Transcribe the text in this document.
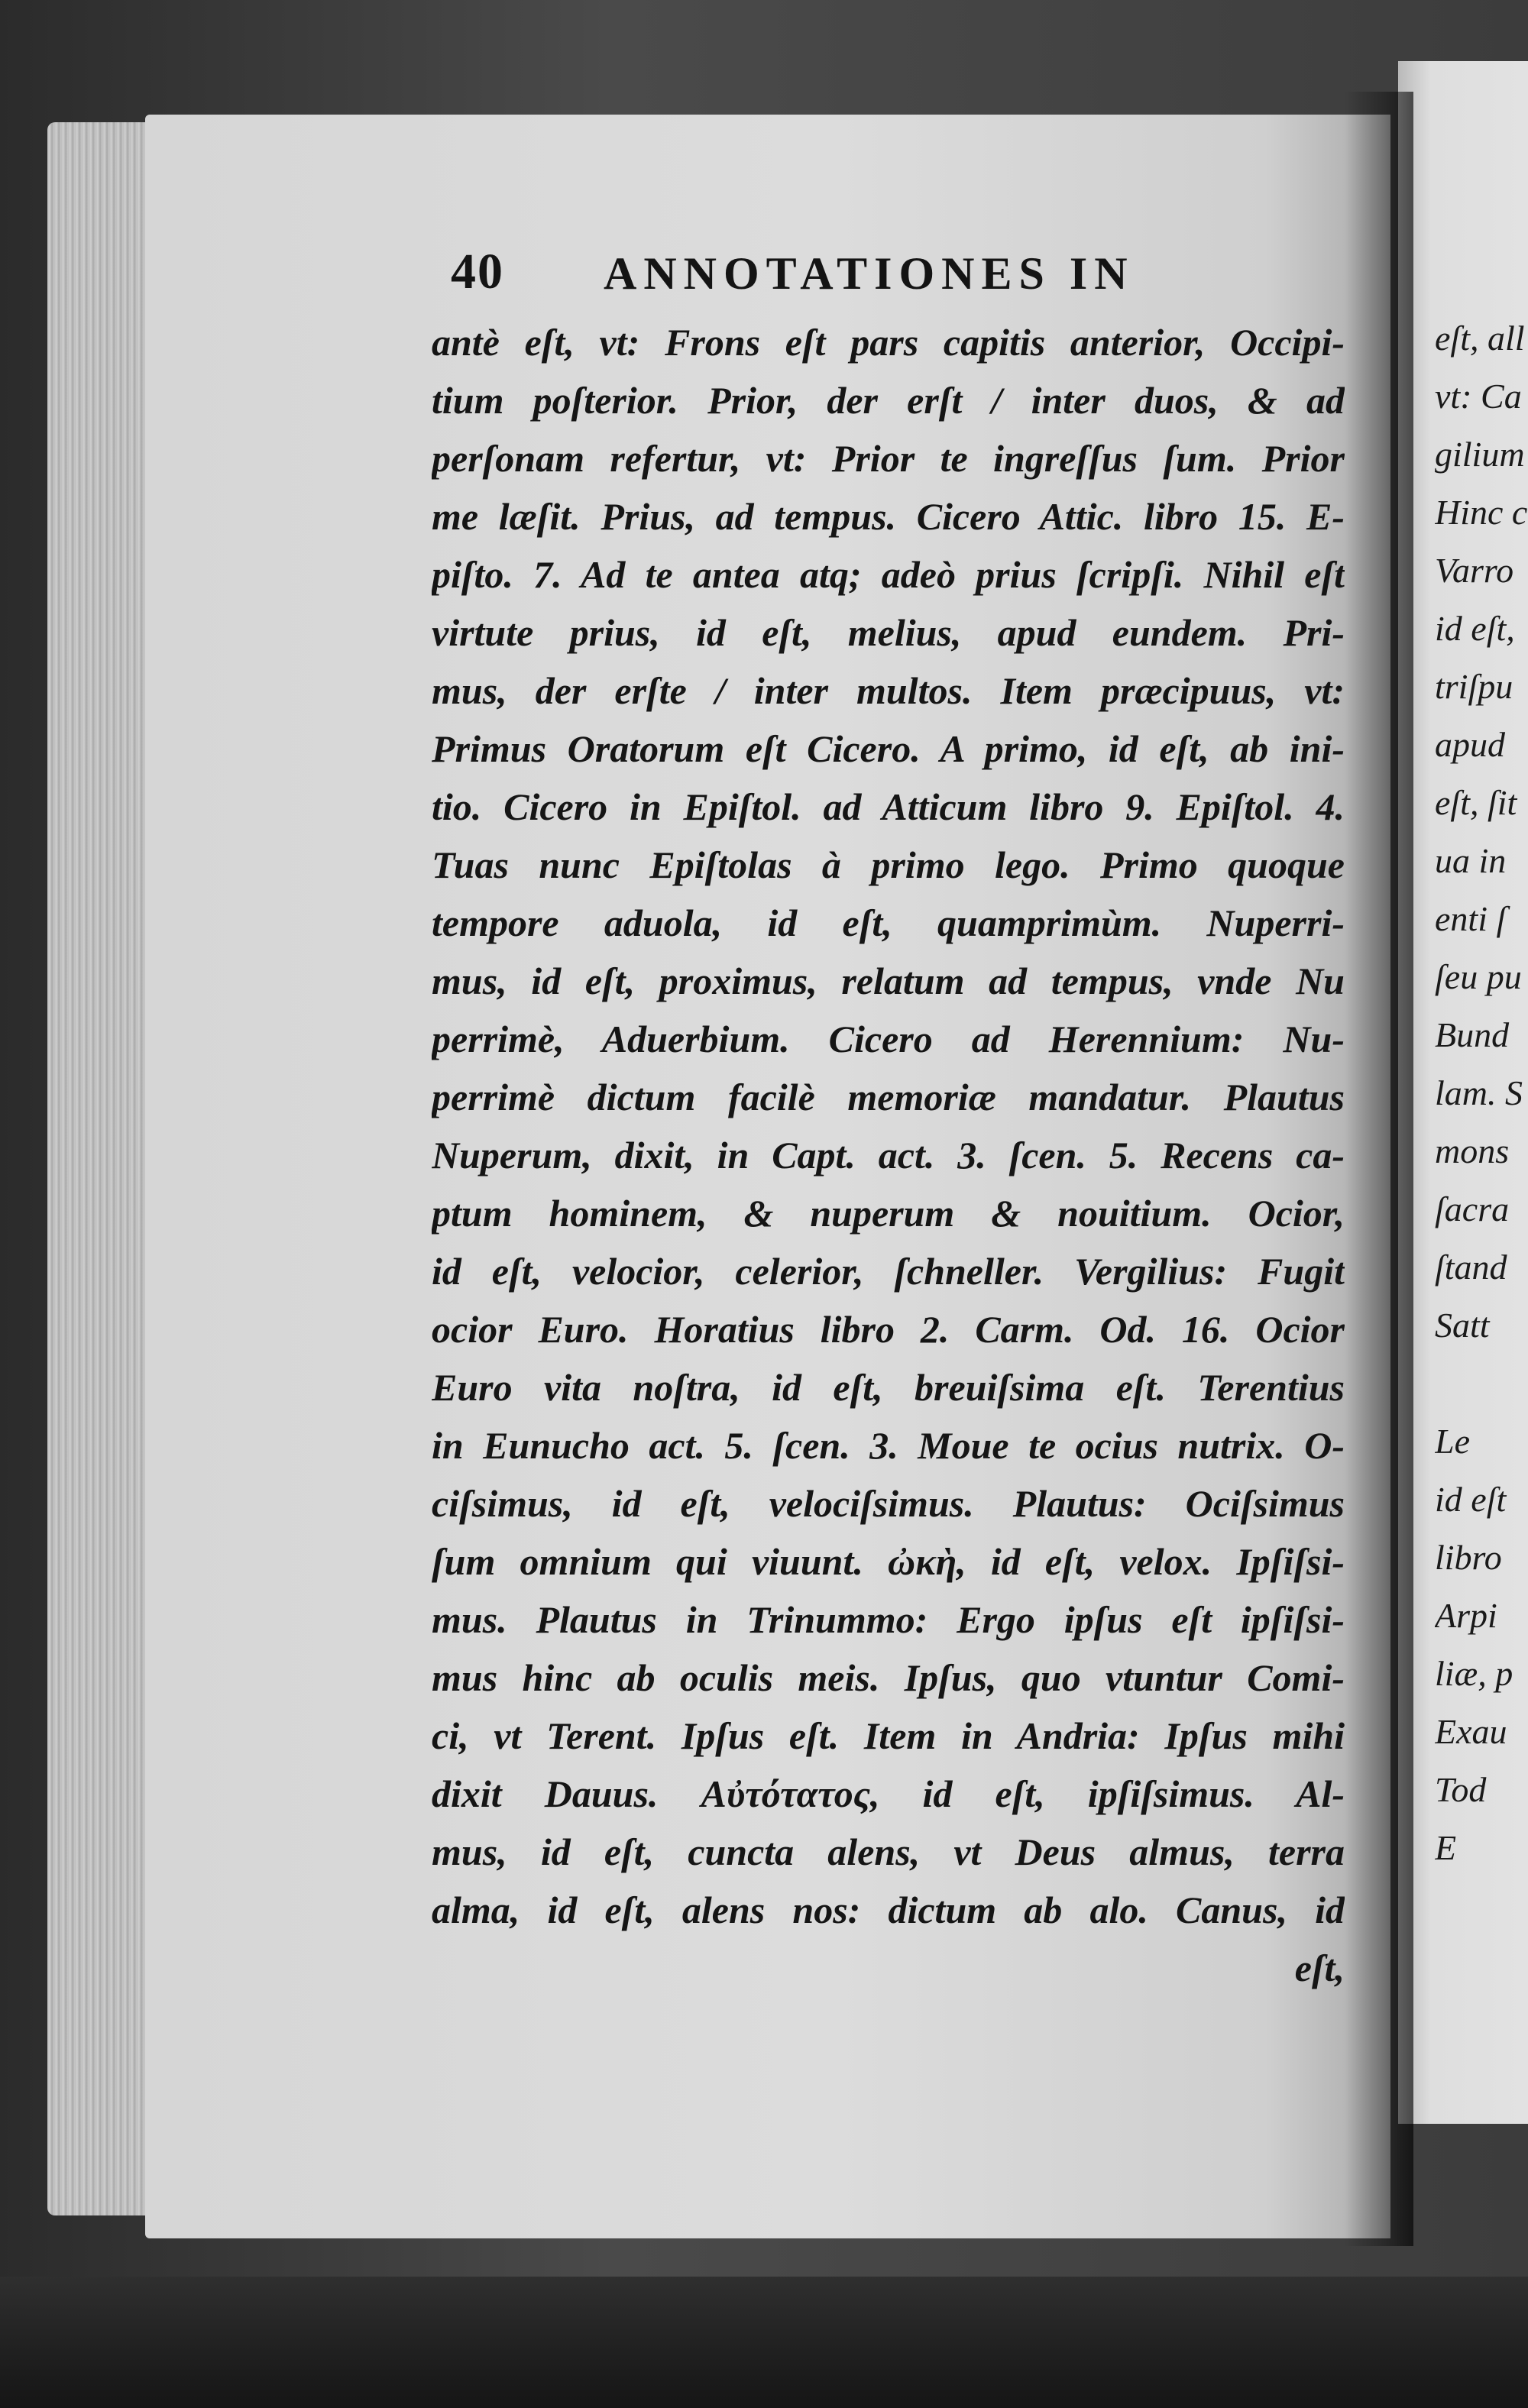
40 ANNOTATIONES IN
antè eſt, vt: Frons eſt pars capitis anterior, Occipi-
tium poſterior. Prior, der erſt / inter duos, & ad
perſonam refertur, vt: Prior te ingreſſus ſum. Prior
me læſit. Prius, ad tempus. Cicero Attic. libro 15. E-
piſto. 7. Ad te antea atq; adeò prius ſcripſi. Nihil eſt
virtute prius, id eſt, melius, apud eundem. Pri-
mus, der erſte / inter multos. Item præcipuus, vt:
Primus Oratorum eſt Cicero. A primo, id eſt, ab ini-
tio. Cicero in Epiſtol. ad Atticum libro 9. Epiſtol. 4.
Tuas nunc Epiſtolas à primo lego. Primo quoque
tempore aduola, id eſt, quamprimùm. Nuperri-
mus, id eſt, proximus, relatum ad tempus, vnde Nu
perrimè, Aduerbium. Cicero ad Herennium: Nu-
perrimè dictum facilè memoriæ mandatur. Plautus
Nuperum, dixit, in Capt. act. 3. ſcen. 5. Recens ca-
ptum hominem, & nuperum & nouitium. Ocior,
id eſt, velocior, celerior, ſchneller. Vergilius: Fugit
ocior Euro. Horatius libro 2. Carm. Od. 16. Ocior
Euro vita noſtra, id eſt, breuiſsima eſt. Terentius
in Eunucho act. 5. ſcen. 3. Moue te ocius nutrix. O-
ciſsimus, id eſt, velociſsimus. Plautus: Ociſsimus
ſum omnium qui viuunt. ὠκὴ, id eſt, velox. Ipſiſsi-
mus. Plautus in Trinummo: Ergo ipſus eſt ipſiſsi-
mus hinc ab oculis meis. Ipſus, quo vtuntur Comi-
ci, vt Terent. Ipſus eſt. Item in Andria: Ipſus mihi
dixit Dauus. Αὐτότατος, id eſt, ipſiſsimus. Al-
mus, id eſt, cuncta alens, vt Deus almus, terra
alma, id eſt, alens nos: dictum ab alo. Canus, id
eſt,
eſt, all
vt: Ca
gilium
Hinc c
Varro
id eſt,
triſpu
apud
eſt, ſit
ua in
enti ſ
ſeu pu
Bund
lam. S
mons
ſacra
ſtand
Satt
Le
id eſt
libro
Arpi
liæ, p
Exau
Tod
E
